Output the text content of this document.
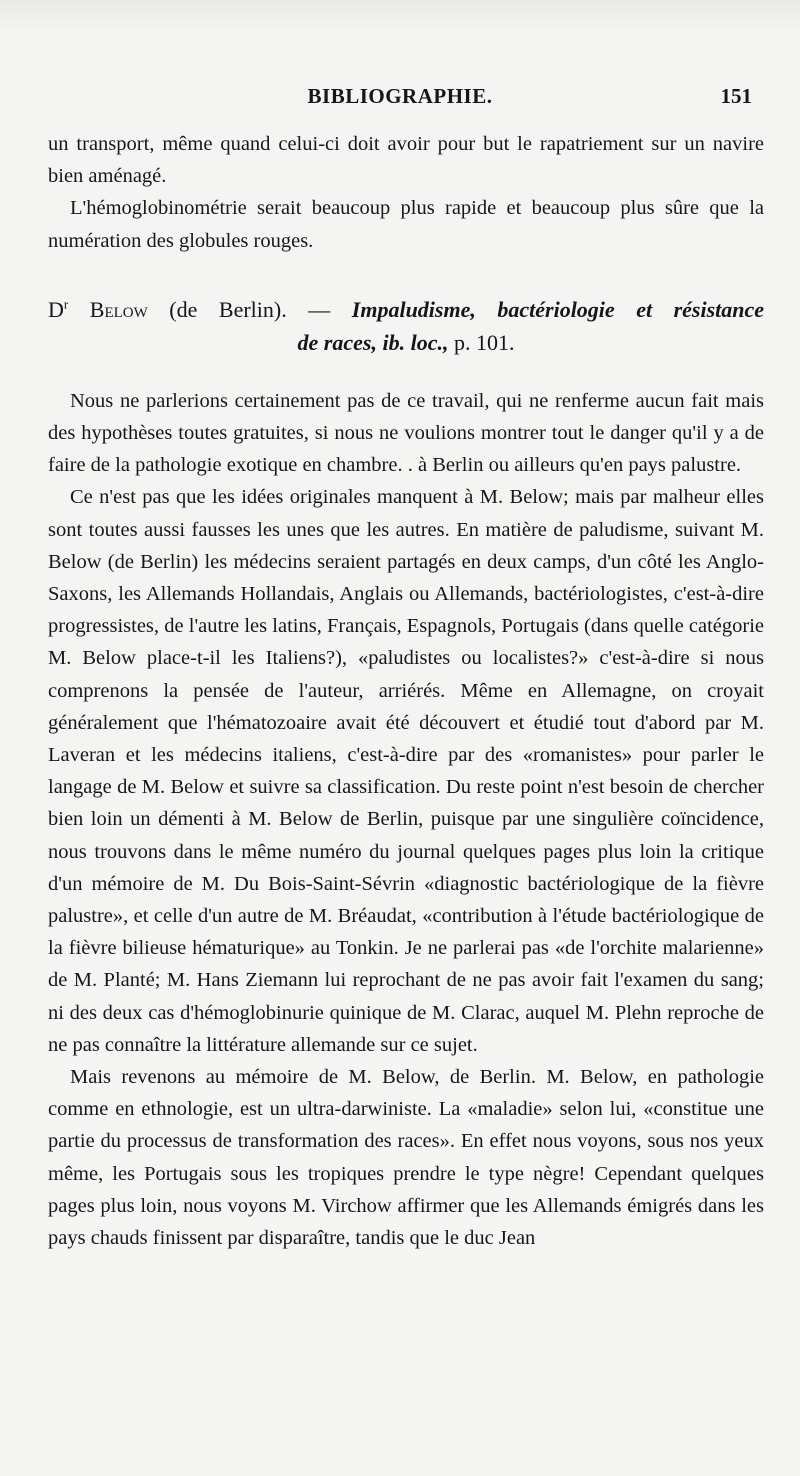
BIBLIOGRAPHIE.	151

un transport, même quand celui-ci doit avoir pour but le rapatriement sur un navire bien aménagé.

L'hémoglobinométrie serait beaucoup plus rapide et beaucoup plus sûre que la numération des globules rouges.

$D^r$ Below (de Berlin). — Impaludisme, bactériologie et résistance
de races, ib. loc., p. 101.

Nous ne parlerions certainement pas de ce travail, qui ne renferme aucun fait mais des hypothèses toutes gratuites, si nous ne voulions montrer tout le danger qu'il y a de faire de la pathologie exotique en chambre. . à Berlin ou ailleurs qu'en pays palustre.

Ce n'est pas que les idées originales manquent à M. Below; mais par malheur elles sont toutes aussi fausses les unes que les autres. En matière de paludisme, suivant M. Below (de Berlin) les médecins seraient partagés en deux camps, d'un côté les Anglo-Saxons, les Allemands Hollandais, Anglais ou Allemands, bactériologistes, c'est-à-dire progressistes, de l'autre les latins, Français, Espagnols, Portugais (dans quelle catégorie M. Below place-t-il les Italiens?), «paludistes ou localistes?» c'est-à-dire si nous comprenons la pensée de l'auteur, arriérés. Même en Allemagne, on croyait généralement que l'hématozoaire avait été découvert et étudié tout d'abord par M. Laveran et les médecins italiens, c'est-à-dire par des «romanistes» pour parler le langage de M. Below et suivre sa classification. Du reste point n'est besoin de chercher bien loin un démenti à M. Below de Berlin, puisque par une singulière coïncidence, nous trouvons dans le même numéro du journal quelques pages plus loin la critique d'un mémoire de M. Du Bois-Saint-Sévrin «diagnostic bactériologique de la fièvre palustre», et celle d'un autre de M. Bréaudat, «contribution à l'étude bactériologique de la fièvre bilieuse hématurique» au Tonkin. Je ne parlerai pas «de l'orchite malarienne» de M. Planté; M. Hans Ziemann lui reprochant de ne pas avoir fait l'examen du sang; ni des deux cas d'hémoglobinurie quinique de M. Clarac, auquel M. Plehn reproche de ne pas connaître la littérature allemande sur ce sujet.

Mais revenons au mémoire de M. Below, de Berlin. M. Below, en pathologie comme en ethnologie, est un ultra-darwiniste. La «maladie» selon lui, «constitue une partie du processus de transformation des races». En effet nous voyons, sous nos yeux même, les Portugais sous les tropiques prendre le type nègre! Cependant quelques pages plus loin, nous voyons M. Virchow affirmer que les Allemands émigrés dans les pays chauds finissent par disparaître, tandis que le duc Jean
